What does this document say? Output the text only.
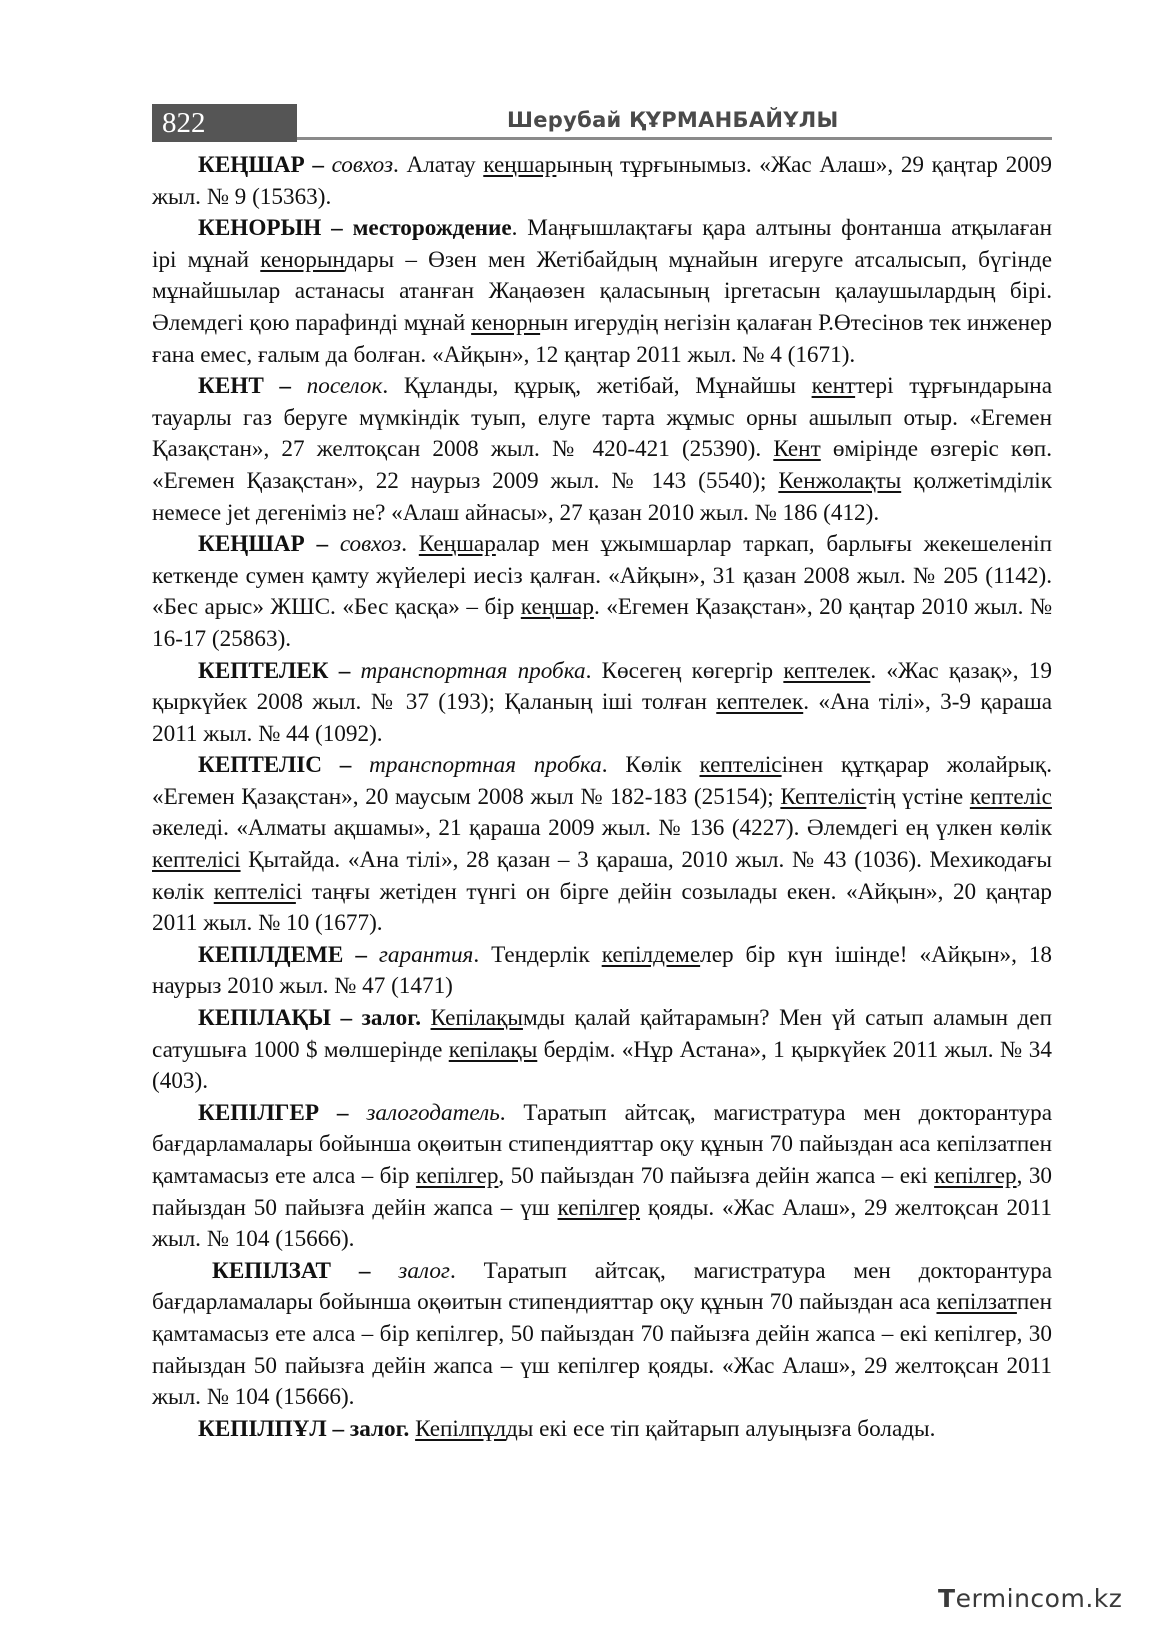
822	Шерубай ҚҰРМАНБАЙҰЛЫ

КЕҢШАР – совхоз. Алатау кеңшарының тұрғынымыз. «Жас Алаш», 29 қаңтар 2009 жыл. № 9 (15363).

КЕНОРЫН – месторождение. Маңғышлақтағы қара алтыны фонтанша атқылаған ірі мұнай кенорындары – Өзен мен Жетібайдың мұнайын игеруге атсалысып, бүгінде мұнайшылар астанасы атанған Жаңаөзен қаласының іргетасын қалаушылардың бірі. Әлемдегі қою парафинді мұнай кенорнын игерудің негізін қалаған Р.Өтесінов тек инженер ғана емес, ғалым да болған. «Айқын», 12 қаңтар 2011 жыл. № 4 (1671).

КЕНТ – поселок. Құланды, құрық, жетібай, Мұнайшы кенттері тұрғындарына тауарлы газ беруге мүмкіндік туып, елуге тарта жұмыс орны ашылып отыр. «Егемен Қазақстан», 27 желтоқсан 2008 жыл. № 420-421 (25390). Кент өмірінде өзгеріс көп. «Егемен Қазақстан», 22 наурыз 2009 жыл. № 143 (5540); Кенжолақты қолжетімділік немесе jet дегеніміз не? «Алаш айнасы», 27 қазан 2010 жыл. № 186 (412).

КЕҢШАР – совхоз. Кеңшаралар мен ұжымшарлар таркап, барлығы жекешеленіп кеткенде сумен қамту жүйелері иесіз қалған. «Айқын», 31 қазан 2008 жыл. № 205 (1142). «Бес арыс» ЖШС. «Бес қасқа» – бір кеңшар. «Егемен Қазақстан», 20 қаңтар 2010 жыл. № 16-17 (25863).

КЕПТЕЛЕК – транспортная пробка. Көсегең көгергір кептелек. «Жас қазақ», 19 қыркүйек 2008 жыл. № 37 (193); Қаланың іші толған кептелек. «Ана тілі», 3-9 қараша 2011 жыл. № 44 (1092).

КЕПТЕЛІС – транспортная пробка. Көлік кептелісінен құтқарар жолайрық. «Егемен Қазақстан», 20 маусым 2008 жыл № 182-183 (25154); Кептелістің үстіне кептеліс әкеледі. «Алматы ақшамы», 21 қараша 2009 жыл. № 136 (4227). Әлемдегі ең үлкен көлік кептелісі Қытайда. «Ана тілі», 28 қазан – 3 қараша, 2010 жыл. № 43 (1036). Мехикодағы көлік кептелісі таңғы жетіден түнгі он бірге дейін созылады екен. «Айқын», 20 қаңтар 2011 жыл. № 10 (1677).

КЕПІЛДЕМЕ – гарантия. Тендерлік кепілдемелер бір күн ішінде! «Айқын», 18 наурыз 2010 жыл. № 47 (1471)

КЕПІЛАҚЫ – залог. Кепілақымды қалай қайтарамын? Мен үй сатып аламын деп сатушыға 1000 $ мөлшерінде кепілақы бердім. «Нұр Астана», 1 қыркүйек 2011 жыл. № 34 (403).

КЕПІЛГЕР – залогодатель. Таратып айтсақ, магистратура мен докторантура бағдарламалары бойынша оқөитын стипендияттар оқу құнын 70 пайыздан аса кепілзатпен қамтамасыз ете алса – бір кепілгер, 50 пайыздан 70 пайызға дейін жапса – екі кепілгер, 30 пайыздан 50 пайызға дейін жапса – үш кепілгер қояды. «Жас Алаш», 29 желтоқсан 2011 жыл. № 104 (15666).

КЕПІЛЗАТ – залог. Таратып айтсақ, магистратура мен докторантура бағдарламалары бойынша оқөитын стипендияттар оқу құнын 70 пайыздан аса кепілзатпен қамтамасыз ете алса – бір кепілгер, 50 пайыздан 70 пайызға дейін жапса – екі кепілгер, 30 пайыздан 50 пайызға дейін жапса – үш кепілгер қояды. «Жас Алаш», 29 желтоқсан 2011 жыл. № 104 (15666).

КЕПІЛПҰЛ – залог. Кепілпұлды екі есе тіп қайтарып алуыңызға болады.

Termincоm.kz
